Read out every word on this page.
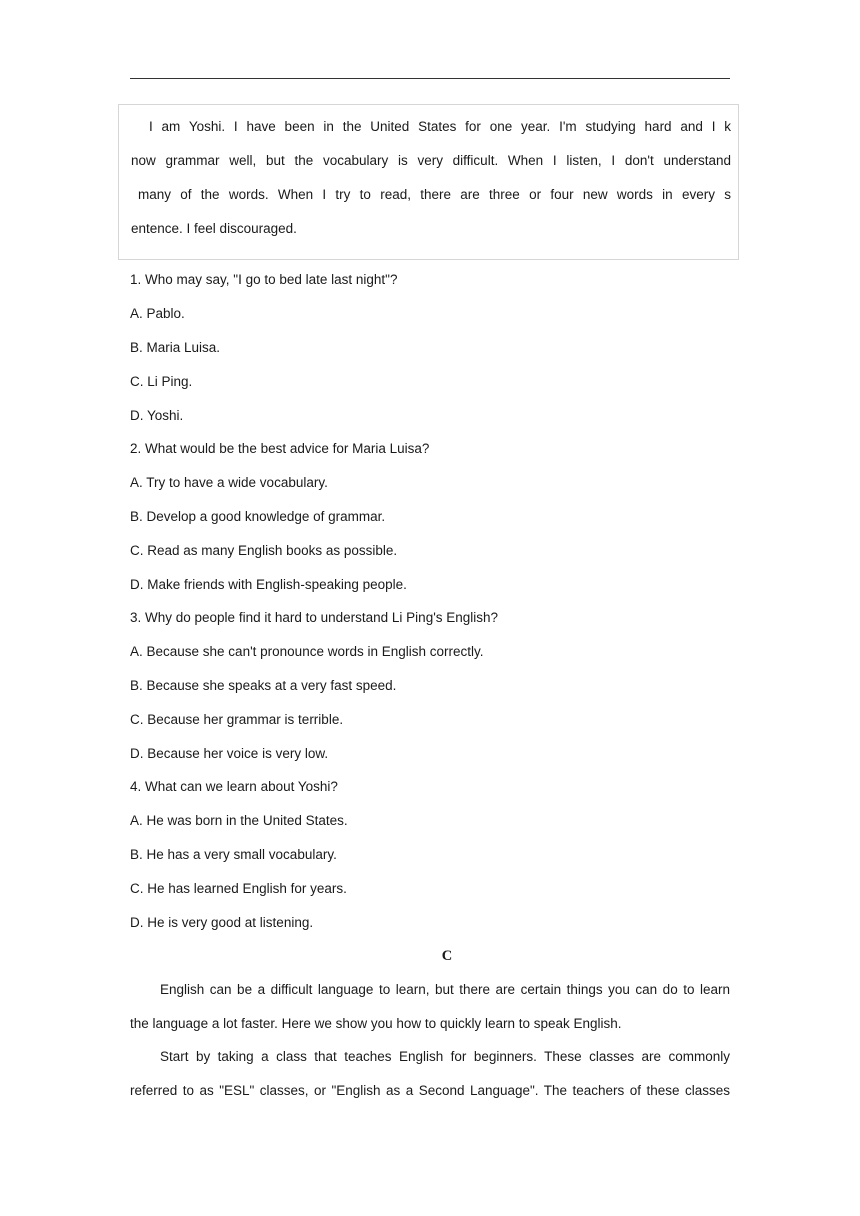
I am Yoshi. I have been in the United States for one year. I'm studying hard and I k
now grammar well, but the vocabulary is very difficult. When I listen, I don't understand
many of the words. When I try to read, there are three or four new words in every s
entence. I feel discouraged.
1. Who may say, "I go to bed late last night"?
A. Pablo.
B. Maria Luisa.
C. Li Ping.
D. Yoshi.
2. What would be the best advice for Maria Luisa?
A. Try to have a wide vocabulary.
B. Develop a good knowledge of grammar.
C. Read as many English books as possible.
D. Make friends with English-speaking people.
3. Why do people find it hard to understand Li Ping's English?
A. Because she can't pronounce words in English correctly.
B. Because she speaks at a very fast speed.
C. Because her grammar is terrible.
D. Because her voice is very low.
4. What can we learn about Yoshi?
A. He was born in the United States.
B. He has a very small vocabulary.
C. He has learned English for years.
D. He is very good at listening.
C
English can be a difficult language to learn, but there are certain things you can do to learn
the language a lot faster. Here we show you how to quickly learn to speak English.
Start by taking a class that teaches English for beginners. These classes are commonly
referred to as "ESL" classes, or "English as a Second Language". The teachers of these classes
